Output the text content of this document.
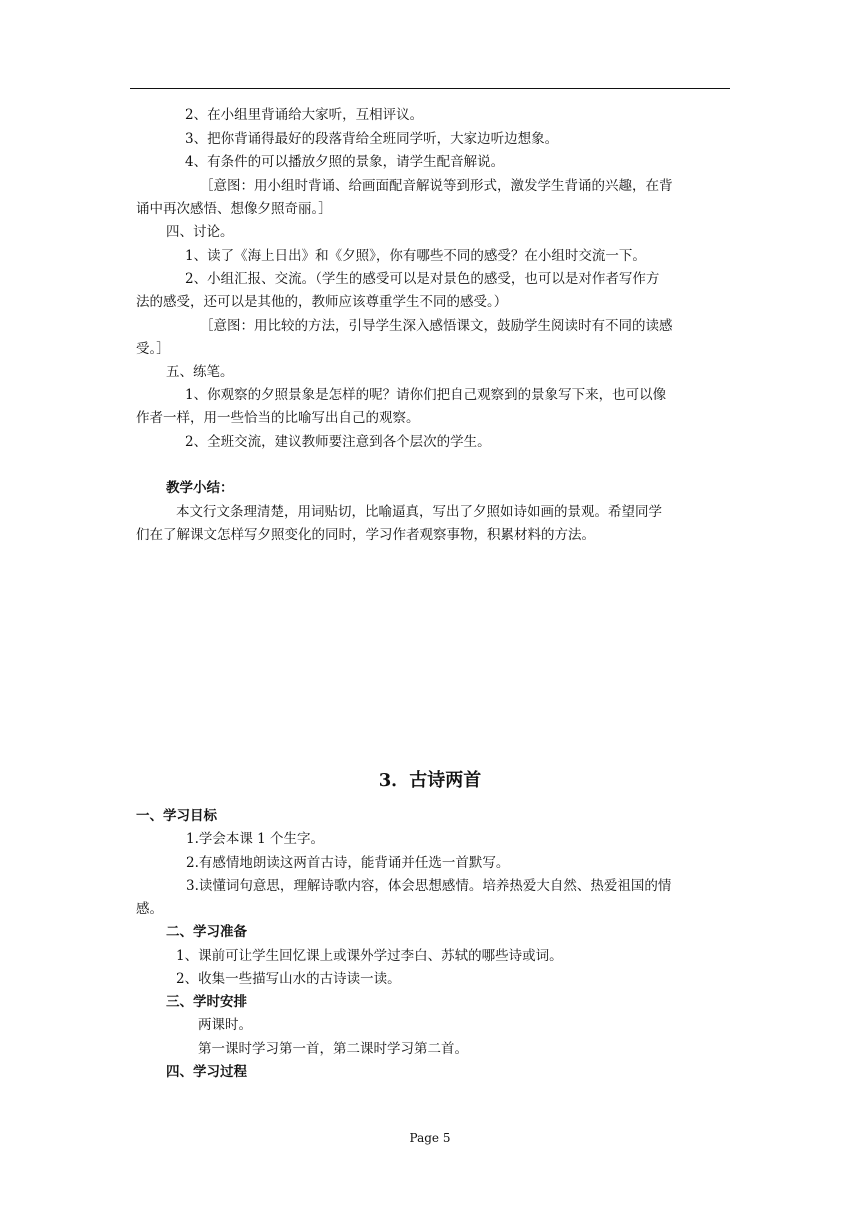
2、在小组里背诵给大家听，互相评议。
3、把你背诵得最好的段落背给全班同学听，大家边听边想象。
4、有条件的可以播放夕照的景象，请学生配音解说。
［意图：用小组时背诵、给画面配音解说等到形式，激发学生背诵的兴趣，在背
诵中再次感悟、想像夕照奇丽。］
四、讨论。
1、读了《海上日出》和《夕照》，你有哪些不同的感受？在小组时交流一下。
2、小组汇报、交流。（学生的感受可以是对景色的感受，也可以是对作者写作方
法的感受，还可以是其他的，教师应该尊重学生不同的感受。）
［意图：用比较的方法，引导学生深入感悟课文，鼓励学生阅读时有不同的读感
受。］
五、练笔。
1、你观察的夕照景象是怎样的呢？请你们把自己观察到的景象写下来，也可以像
作者一样，用一些恰当的比喻写出自己的观察。
2、全班交流，建议教师要注意到各个层次的学生。
教学小结：
本文行文条理清楚，用词贴切，比喻逼真，写出了夕照如诗如画的景观。希望同学
们在了解课文怎样写夕照变化的同时，学习作者观察事物，积累材料的方法。
3．古诗两首
一、学习目标
1.学会本课 1 个生字。
2.有感情地朗读这两首古诗，能背诵并任选一首默写。
3.读懂词句意思，理解诗歌内容，体会思想感情。培养热爱大自然、热爱祖国的情
感。
二、学习准备
1、课前可让学生回忆课上或课外学过李白、苏轼的哪些诗或词。
2、收集一些描写山水的古诗读一读。
三、学时安排
两课时。
第一课时学习第一首，第二课时学习第二首。
四、学习过程
Page 5
